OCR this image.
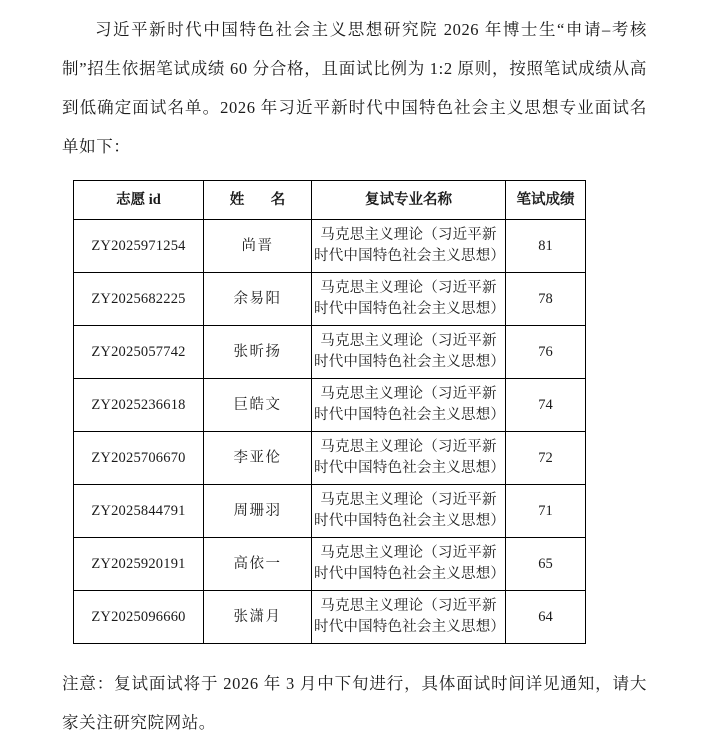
习近平新时代中国特色社会主义思想研究院 2026 年博士生“申请–考核制”招生依据笔试成绩 60 分合格，且面试比例为 1:2 原则，按照笔试成绩从高到低确定面试名单。2026 年习近平新时代中国特色社会主义思想专业面试名单如下：

志愿 id	姓　名	复试专业名称	笔试成绩
ZY2025971254	尚晋	马克思主义理论（习近平新时代中国特色社会主义思想）	81
ZY2025682225	余易阳	马克思主义理论（习近平新时代中国特色社会主义思想）	78
ZY2025057742	张昕扬	马克思主义理论（习近平新时代中国特色社会主义思想）	76
ZY2025236618	巨皓文	马克思主义理论（习近平新时代中国特色社会主义思想）	74
ZY2025706670	李亚伦	马克思主义理论（习近平新时代中国特色社会主义思想）	72
ZY2025844791	周珊羽	马克思主义理论（习近平新时代中国特色社会主义思想）	71
ZY2025920191	高依一	马克思主义理论（习近平新时代中国特色社会主义思想）	65
ZY2025096660	张潇月	马克思主义理论（习近平新时代中国特色社会主义思想）	64

注意：复试面试将于 2026 年 3 月中下旬进行，具体面试时间详见通知，请大家关注研究院网站。
